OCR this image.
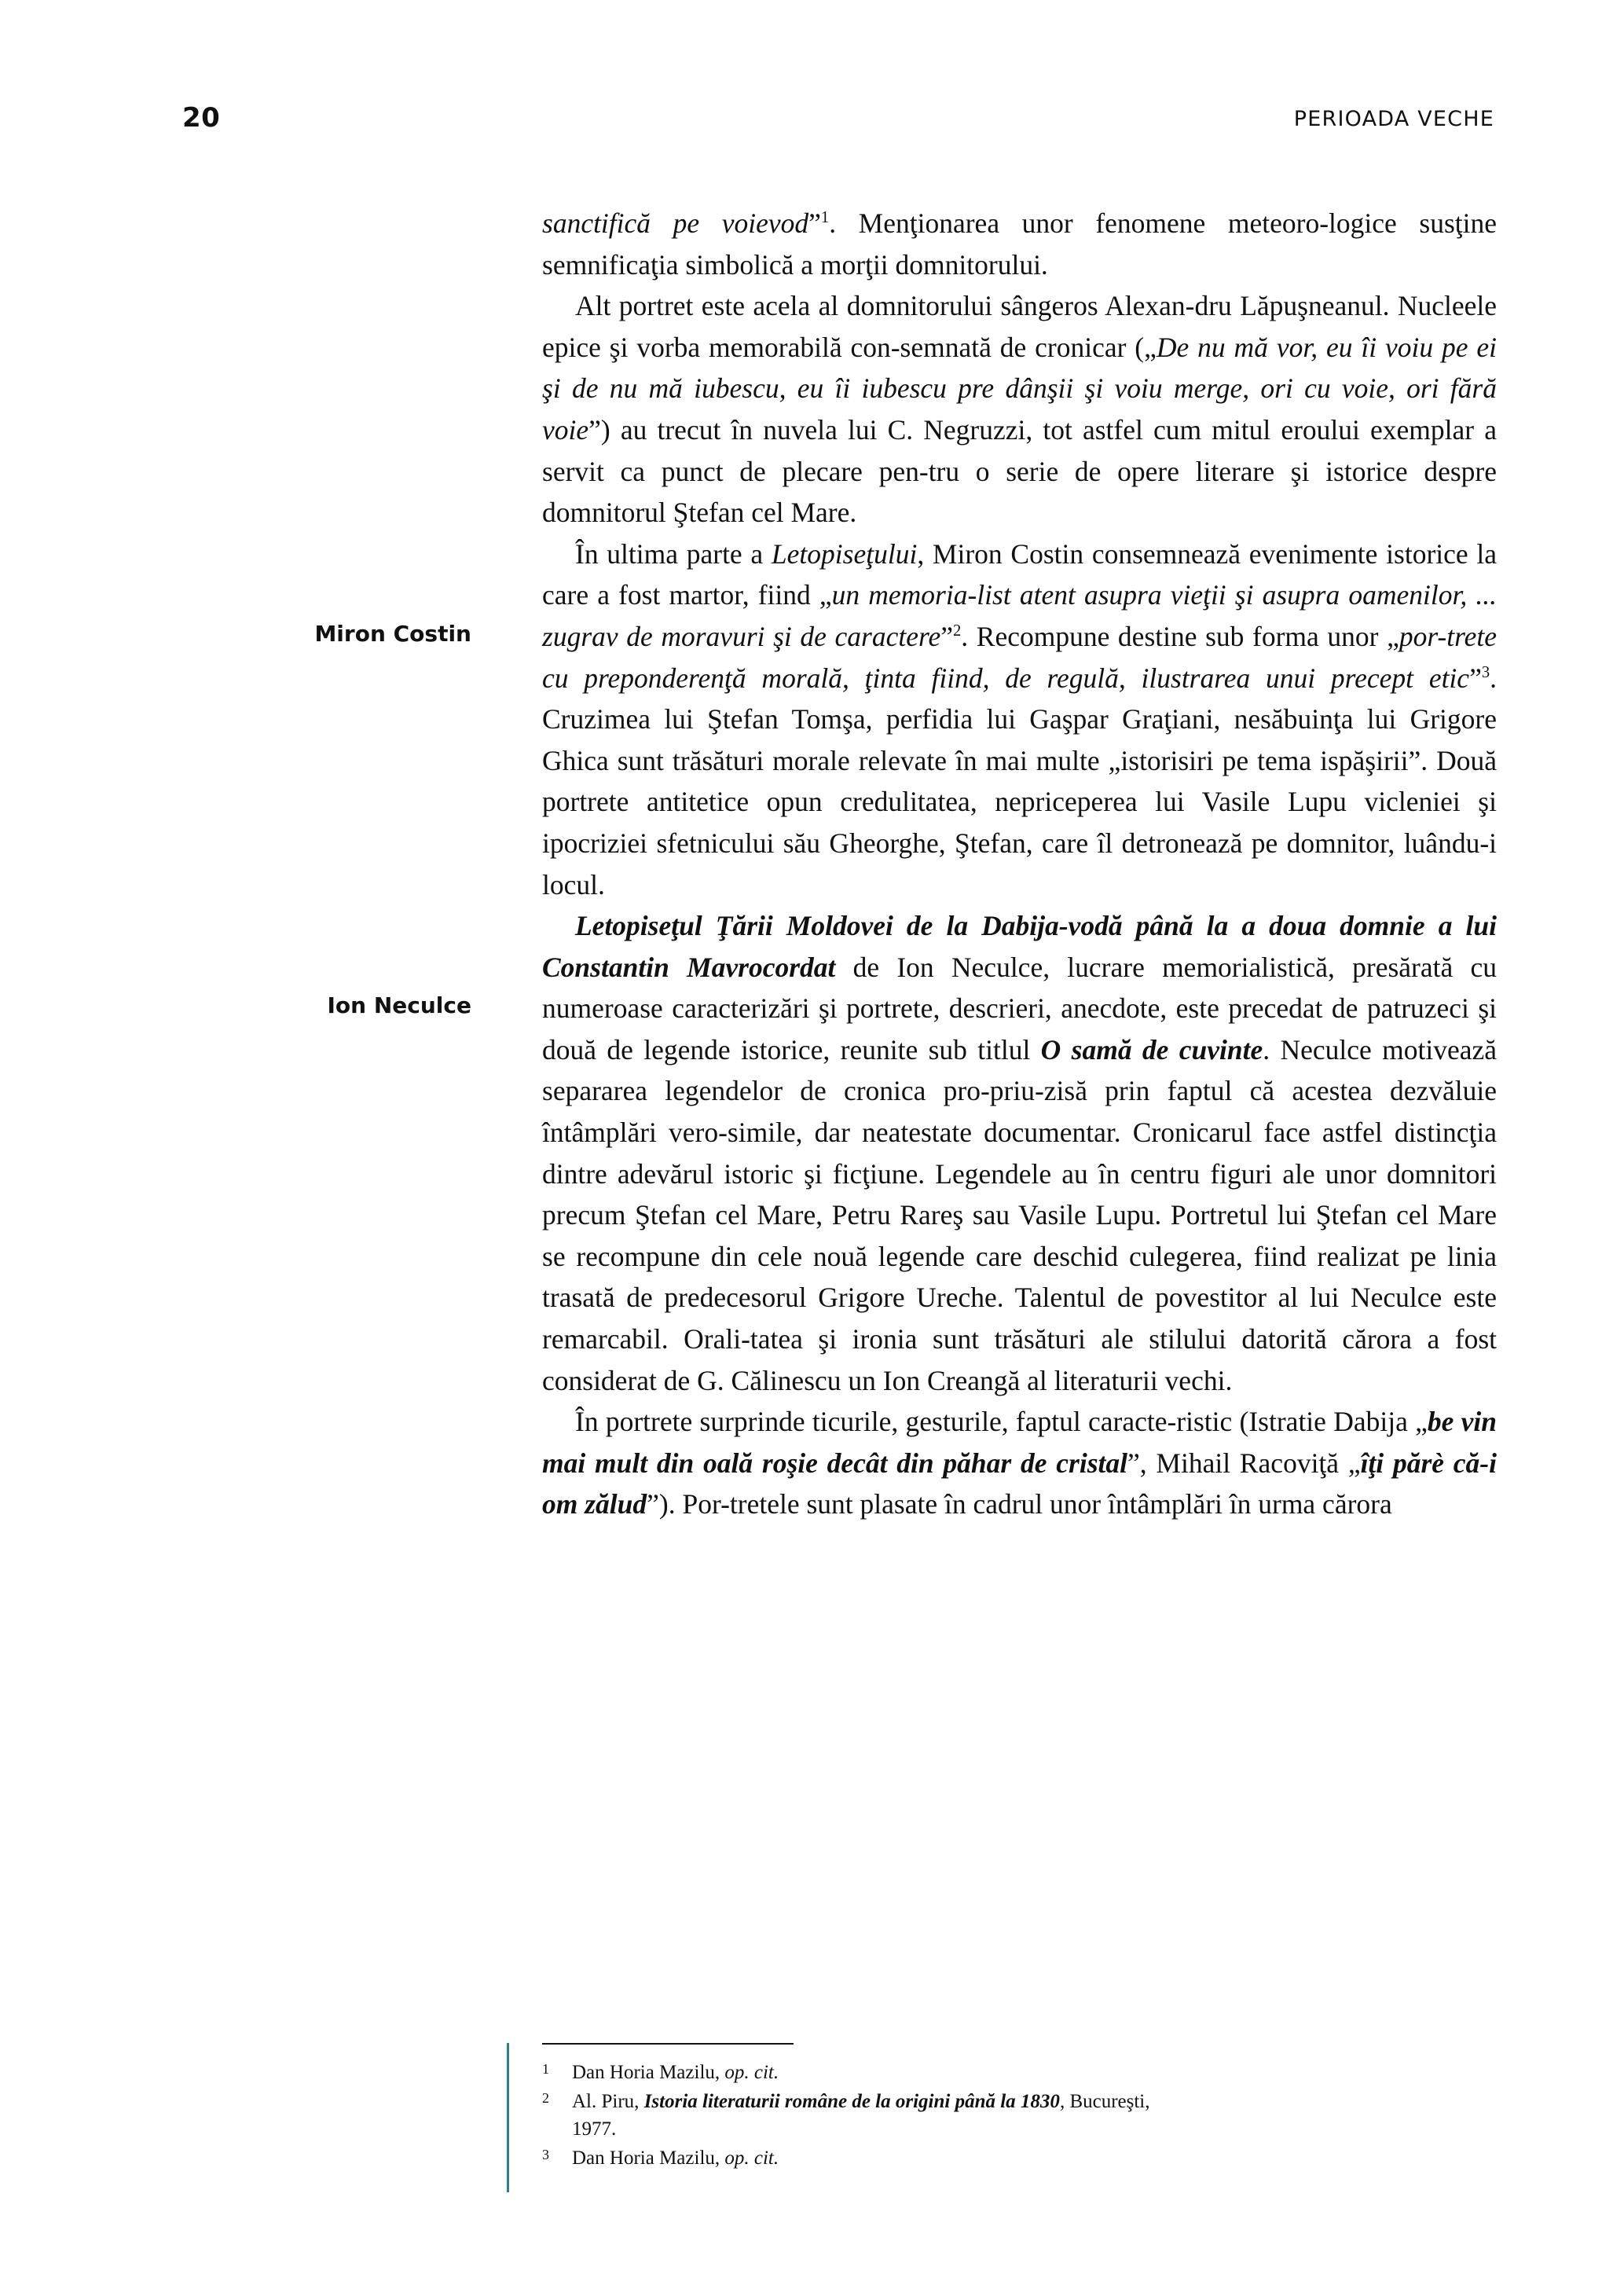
20	PERIOADA VECHE
Miron Costin
Ion Neculce

sanctifică pe voievod”$^1$. Menţionarea unor fenomene meteoro-logice susţine semnificaţia simbolică a morţii domnitorului.

Alt portret este acela al domnitorului sângeros Alexan-dru Lăpuşneanul. Nucleele epice şi vorba memorabilă con-semnată de cronicar („De nu mă vor, eu îi voiu pe ei şi de nu mă iubescu, eu îi iubescu pre dânşii şi voiu merge, ori cu voie, ori fără voie”) au trecut în nuvela lui C. Negruzzi, tot astfel cum mitul eroului exemplar a servit ca punct de plecare pen-tru o serie de opere literare şi istorice despre domnitorul Ştefan cel Mare.

În ultima parte a Letopiseţului, Miron Costin consemnează evenimente istorice la care a fost martor, fiind „un memoria-list atent asupra vieţii şi asupra oamenilor, ... zugrav de moravuri şi de caractere”$^2$. Recompune destine sub forma unor „por-trete cu preponderenţă morală, ţinta fiind, de regulă, ilustrarea unui precept etic”$^3$. Cruzimea lui Ştefan Tomşa, perfidia lui Gaşpar Graţiani, nesăbuinţa lui Grigore Ghica sunt trăsături morale relevate în mai multe „istorisiri pe tema ispăşirii”. Două portrete antitetice opun credulitatea, nepriceperea lui Vasile Lupu vicleniei şi ipocriziei sfetnicului său Gheorghe, Ştefan, care îl detronează pe domnitor, luându-i locul.

Letopiseţul Ţării Moldovei de la Dabija-vodă până la a doua domnie a lui Constantin Mavrocordat de Ion Neculce, lucrare memorialistică, presărată cu numeroase caracterizări şi portrete, descrieri, anecdote, este precedat de patruzeci şi două de legende istorice, reunite sub titlul O samă de cuvinte. Neculce motivează separarea legendelor de cronica pro-priu-zisă prin faptul că acestea dezvăluie întâmplări vero-simile, dar neatestate documentar. Cronicarul face astfel distincţia dintre adevărul istoric şi ficţiune. Legendele au în centru figuri ale unor domnitori precum Ştefan cel Mare, Petru Rareş sau Vasile Lupu. Portretul lui Ştefan cel Mare se recompune din cele nouă legende care deschid culegerea, fiind realizat pe linia trasată de predecesorul Grigore Ureche. Talentul de povestitor al lui Neculce este remarcabil. Orali-tatea şi ironia sunt trăsături ale stilului datorită cărora a fost considerat de G. Călinescu un Ion Creangă al literaturii vechi.

În portrete surprinde ticurile, gesturile, faptul caracte-ristic (Istratie Dabija „be vin mai mult din oală roşie decât din păhar de cristal”, Mihail Racoviţă „îţi părè că-i om zălud”). Por-tretele sunt plasate în cadrul unor întâmplări în urma cărora

1 Dan Horia Mazilu, op. cit.
2 Al. Piru, Istoria literaturii române de la origini până la 1830, Bucureşti,
1977.
3 Dan Horia Mazilu, op. cit.
